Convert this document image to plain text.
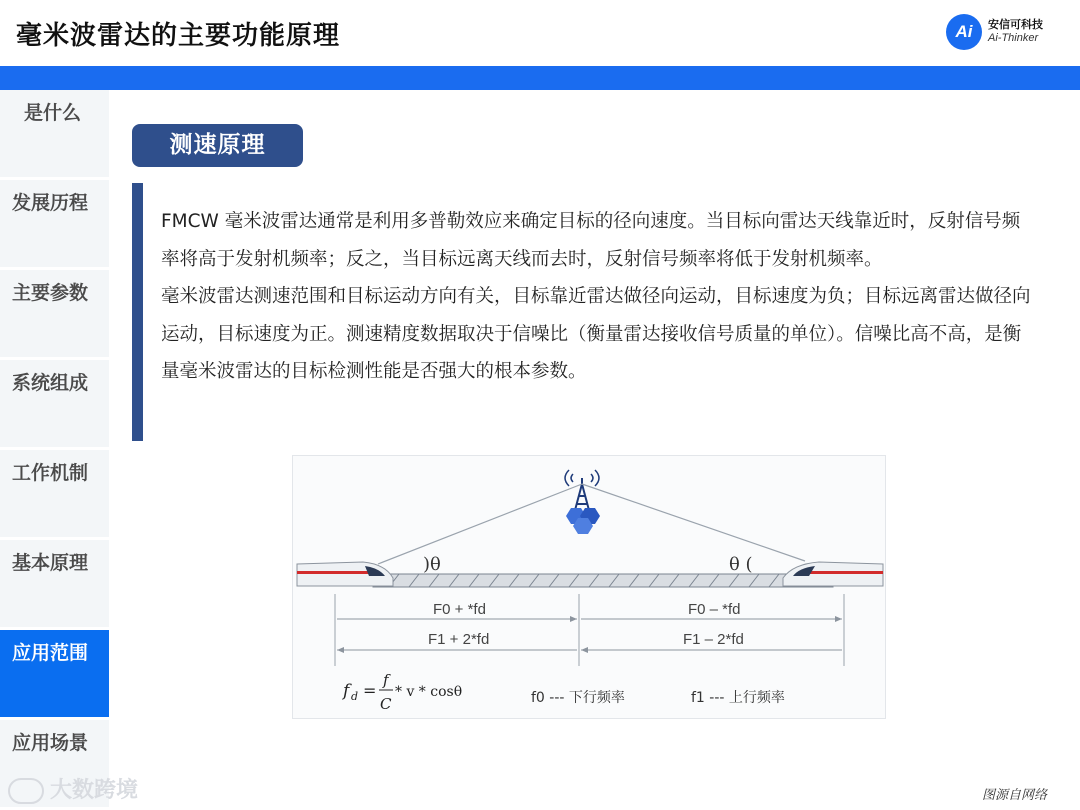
毫米波雷达的主要功能原理	Ai	安信可科技
Ai-Thinker
是什么
发展历程
主要参数
系统组成
工作机制
基本原理
应用范围
应用场景
测速原理

FMCW 毫米波雷达通常是利用多普勒效应来确定目标的径向速度。当目标向雷达天线靠近时，反射信号频率将高于发射机频率；反之，当目标远离天线而去时，反射信号频率将低于发射机频率。

毫米波雷达测速范围和目标运动方向有关，目标靠近雷达做径向运动，目标速度为负；目标远离雷达做径向运动，目标速度为正。测速精度数据取决于信噪比（衡量雷达接收信号质量的单位）。信噪比高不高，是衡量毫米波雷达的目标检测性能是否强大的根本参数。

)θ	θ (
F0 + *fd	F0 – *fd
F1 + 2*fd	F1 – 2*fd
f d =
f
C
* v * cosθ	f0 --- 下行频率	f1 --- 上行频率
大数跨境	图源自网络
